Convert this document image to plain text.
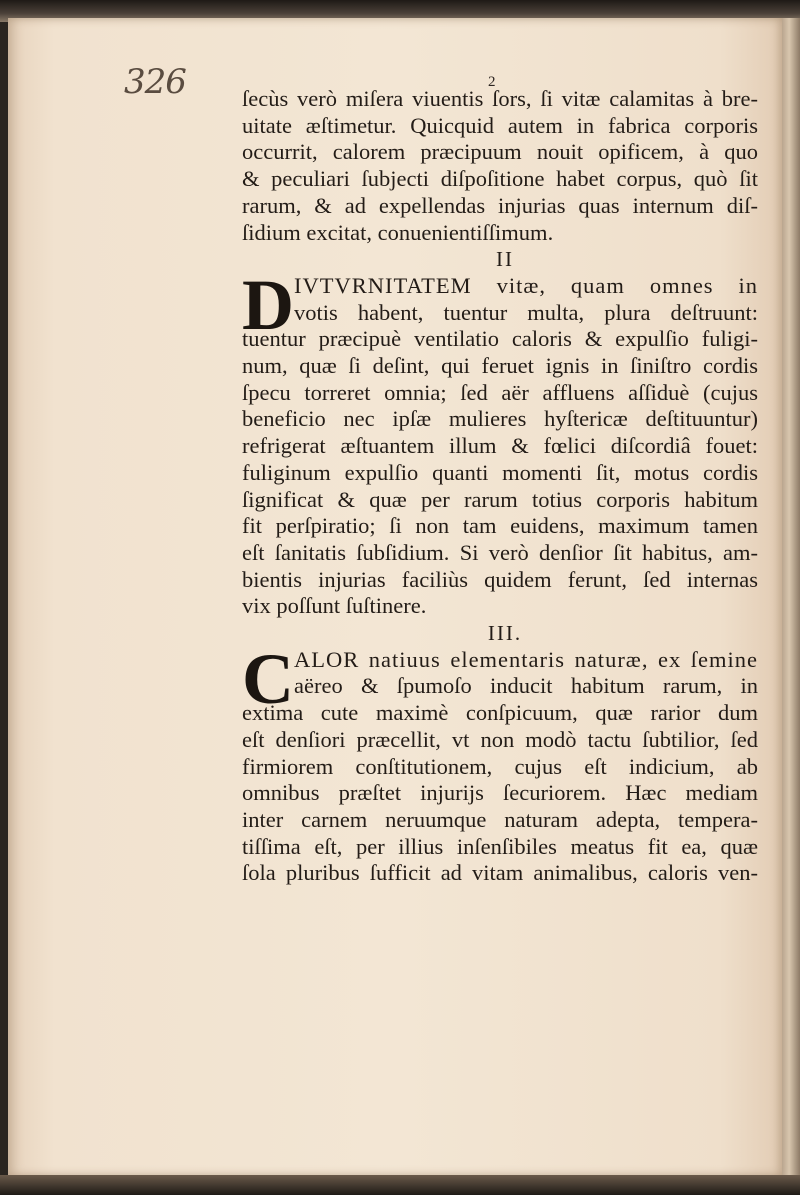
326	2
ſecùs verò miſera viuentis ſors, ſi vitæ calamitas à bre-
uitate æſtimetur. Quicquid autem in fabrica corporis
occurrit, calorem præcipuum nouit opificem, à quo
& peculiari ſubjecti diſpoſitione habet corpus, quò ſit
rarum, & ad expellendas injurias quas internum diſ-
ſidium excitat, conuenientiſſimum.
II
D IVTVRNITATEM vitæ, quam omnes in
votis habent, tuentur multa, plura deſtruunt:
tuentur præcipuè ventilatio caloris & expulſio fuligi-
num, quæ ſi deſint, qui feruet ignis in ſiniſtro cordis
ſpecu torreret omnia; ſed aër affluens aſſiduè (cujus
beneficio nec ipſæ mulieres hyſtericæ deſtituuntur)
refrigerat æſtuantem illum & fœlici diſcordiâ fouet:
fuliginum expulſio quanti momenti ſit, motus cordis
ſignificat & quæ per rarum totius corporis habitum
fit perſpiratio; ſi non tam euidens, maximum tamen
eſt ſanitatis ſubſidium. Si verò denſior ſit habitus, am-
bientis injurias faciliùs quidem ferunt, ſed internas
vix poſſunt ſuſtinere.
III.
C ALOR natiuus elementaris naturæ, ex ſemine
aëreo & ſpumoſo inducit habitum rarum, in
extima cute maximè conſpicuum, quæ rarior dum
eſt denſiori præcellit, vt non modò tactu ſubtilior, ſed
firmiorem conſtitutionem, cujus eſt indicium, ab
omnibus præſtet injurijs ſecuriorem. Hæc mediam
inter carnem neruumque naturam adepta, tempera-
tiſſima eſt, per illius inſenſibiles meatus fit ea, quæ
ſola pluribus ſufficit ad vitam animalibus, caloris ven-
